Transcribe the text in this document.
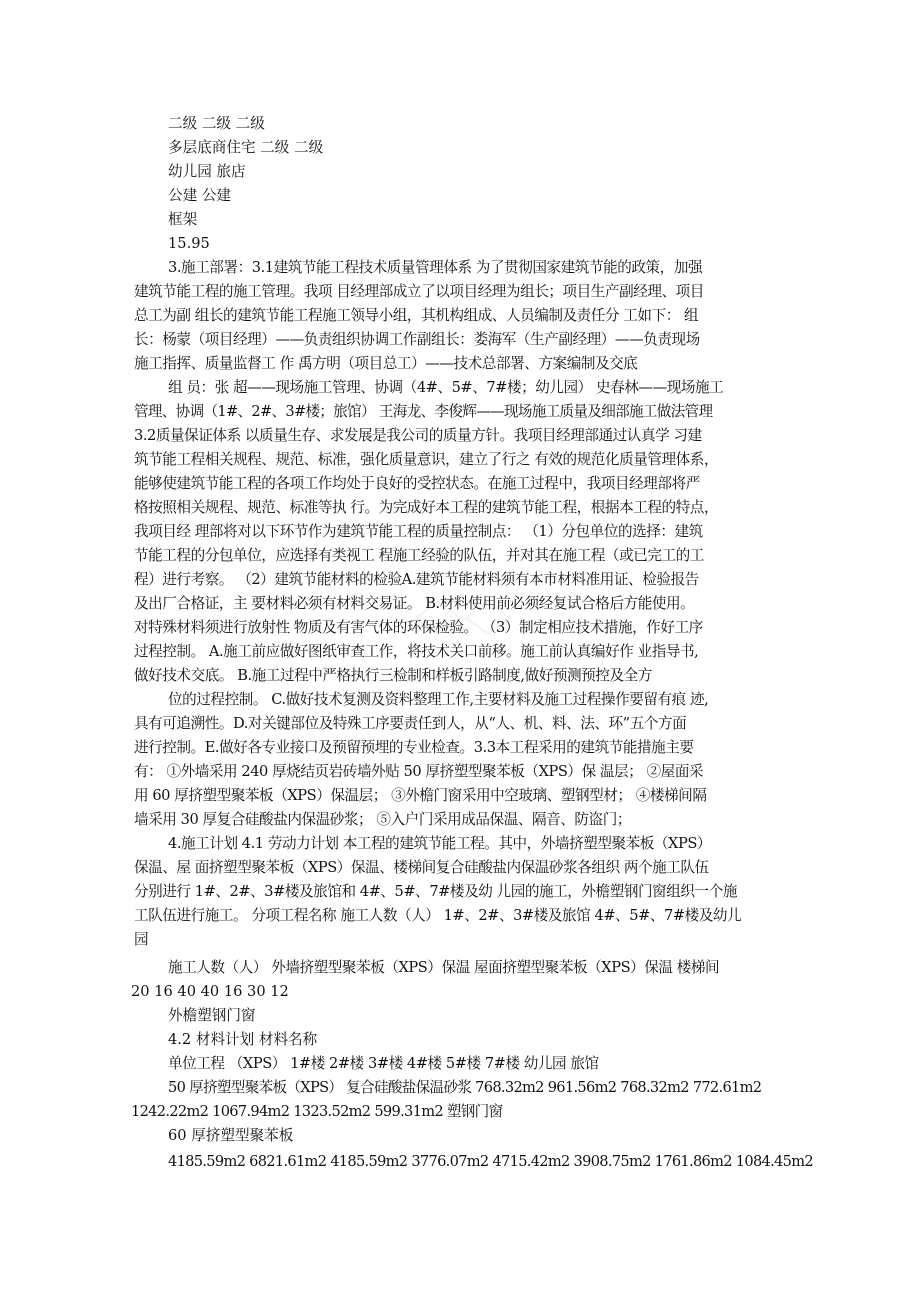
二级 二级 二级
多层底商住宅 二级 二级
幼儿园 旅店
公建 公建
框架
15.95
3.施工部署：3.1建筑节能工程技术质量管理体系 为了贯彻国家建筑节能的政策，加强
建筑节能工程的施工管理。我项 目经理部成立了以项目经理为组长；项目生产副经理、项目
总工为副 组长的建筑节能工程施工领导小组，其机构组成、人员编制及责任分 工如下： 组
长：杨蒙（项目经理）——负责组织协调工作副组长：娄海军（生产副经理）——负责现场
施工指挥、质量监督工 作 禹方明（项目总工）——技术总部署、方案编制及交底
组 员：张 超——现场施工管理、协调（4#、5#、7#楼；幼儿园） 史春林——现场施工
管理、协调（1#、2#、3#楼；旅馆） 王海龙、李俊辉——现场施工质量及细部施工做法管理
3.2质量保证体系 以质量生存、求发展是我公司的质量方针。我项目经理部通过认真学 习建
筑节能工程相关规程、规范、标准，强化质量意识，建立了行之 有效的规范化质量管理体系，
能够使建筑节能工程的各项工作均处于良好的受控状态。在施工过程中，我项目经理部将严
格按照相关规程、规范、标准等执 行。为完成好本工程的建筑节能工程，根据本工程的特点，
我项目经 理部将对以下环节作为建筑节能工程的质量控制点： （1）分包单位的选择：建筑
节能工程的分包单位，应选择有类视工 程施工经验的队伍，并对其在施工程（或已完工的工
程）进行考察。 （2）建筑节能材料的检验A.建筑节能材料须有本市材料准用证、检验报告
及出厂合格证，主 要材料必须有材料交易证。 B.材料使用前必须经复试合格后方能使用。
对特殊材料须进行放射性 物质及有害气体的环保检验。 （3）制定相应技术措施，作好工序
过程控制。 A.施工前应做好图纸审查工作，将技术关口前移。施工前认真编好作 业指导书,
做好技术交底。 B.施工过程中严格执行三检制和样板引路制度,做好预测预控及全方
位的过程控制。 C.做好技术复测及资料整理工作,主要材料及施工过程操作要留有痕 迹,
具有可追溯性。D.对关键部位及特殊工序要责任到人，从“人、机、料、法、环”五个方面
进行控制。E.做好各专业接口及预留预埋的专业检查。3.3本工程采用的建筑节能措施主要
有： ①外墙采用 240 厚烧结页岩砖墙外贴 50 厚挤塑型聚苯板（XPS）保 温层； ②屋面采
用 60 厚挤塑型聚苯板（XPS）保温层； ③外檐门窗采用中空玻璃、塑钢型材； ④楼梯间隔
墙采用 30 厚复合硅酸盐内保温砂浆； ⑤入户门采用成品保温、隔音、防盗门；
4.施工计划 4.1 劳动力计划 本工程的建筑节能工程。其中，外墙挤塑型聚苯板（XPS）
保温、屋 面挤塑型聚苯板（XPS）保温、楼梯间复合硅酸盐内保温砂浆各组织 两个施工队伍
分别进行 1#、2#、3#楼及旅馆和 4#、5#、7#楼及幼 儿园的施工，外檐塑钢门窗组织一个施
工队伍进行施工。 分项工程名称 施工人数（人） 1#、2#、3#楼及旅馆 4#、5#、7#楼及幼儿
园
施工人数（人） 外墙挤塑型聚苯板（XPS）保温 屋面挤塑型聚苯板（XPS）保温 楼梯间
20 16 40 40 16 30 12
外檐塑钢门窗
4.2 材料计划 材料名称
单位工程 （XPS） 1#楼 2#楼 3#楼 4#楼 5#楼 7#楼 幼儿园 旅馆
50 厚挤塑型聚苯板（XPS） 复合硅酸盐保温砂浆 768.32m2 961.56m2 768.32m2 772.61m2
1242.22m2 1067.94m2 1323.52m2 599.31m2 塑钢门窗
60 厚挤塑型聚苯板
4185.59m2 6821.61m2 4185.59m2 3776.07m2 4715.42m2 3908.75m2 1761.86m2 1084.45m2
